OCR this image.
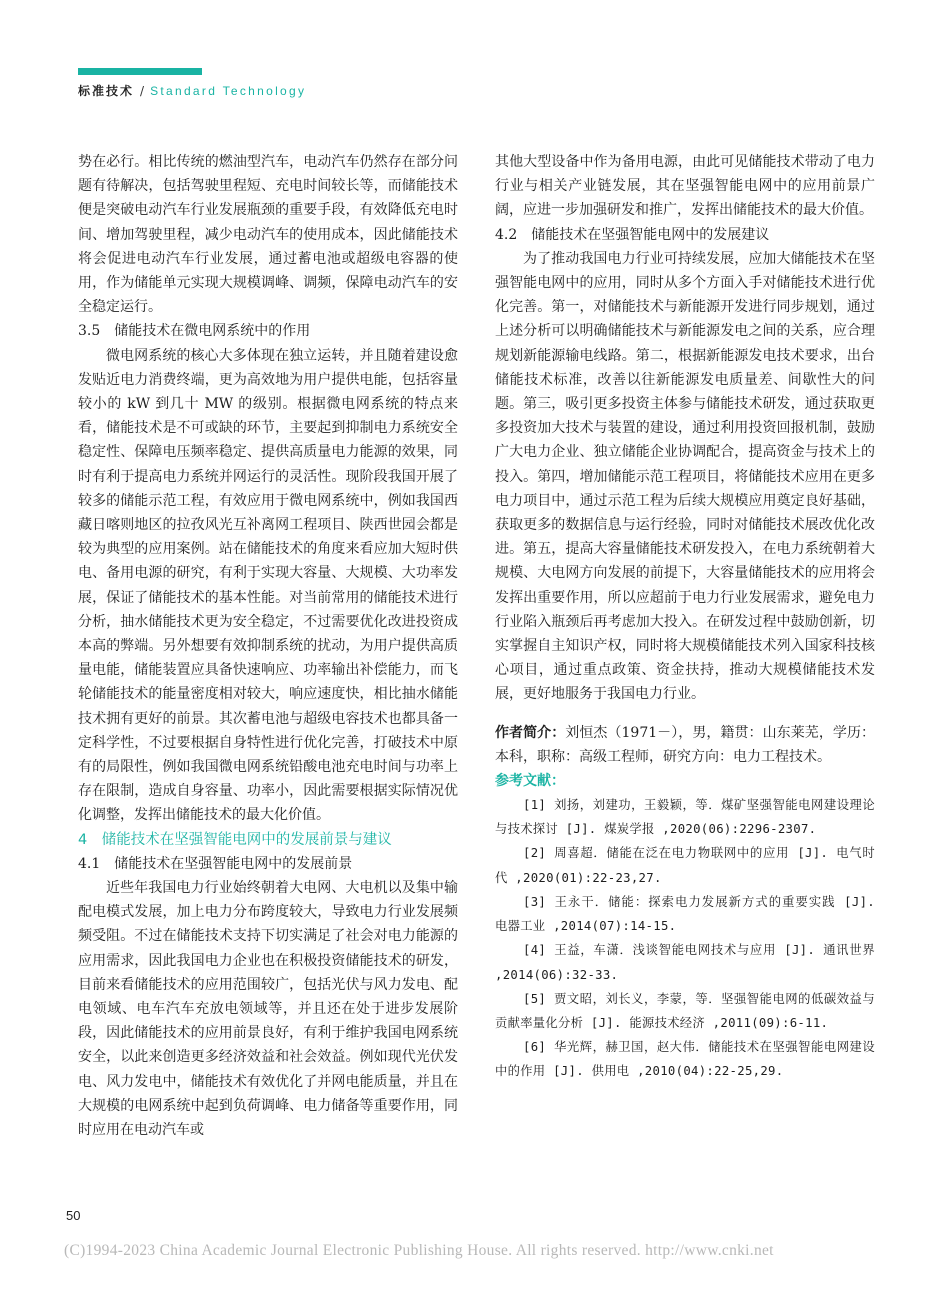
标准技术 / Standard Technology

势在必行。相比传统的燃油型汽车，电动汽车仍然存在部分问题有待解决，包括驾驶里程短、充电时间较长等，而储能技术便是突破电动汽车行业发展瓶颈的重要手段，有效降低充电时间、增加驾驶里程，减少电动汽车的使用成本，因此储能技术将会促进电动汽车行业发展，通过蓄电池或超级电容器的使用，作为储能单元实现大规模调峰、调频，保障电动汽车的安全稳定运行。

3.5　储能技术在微电网系统中的作用

微电网系统的核心大多体现在独立运转，并且随着建设愈发贴近电力消费终端，更为高效地为用户提供电能，包括容量较小的 kW 到几十 MW 的级别。根据微电网系统的特点来看，储能技术是不可或缺的环节，主要起到抑制电力系统安全稳定性、保障电压频率稳定、提供高质量电力能源的效果，同时有利于提高电力系统并网运行的灵活性。现阶段我国开展了较多的储能示范工程，有效应用于微电网系统中，例如我国西藏日喀则地区的拉孜风光互补离网工程项目、陕西世园会都是较为典型的应用案例。站在储能技术的角度来看应加大短时供电、备用电源的研究，有利于实现大容量、大规模、大功率发展，保证了储能技术的基本性能。对当前常用的储能技术进行分析，抽水储能技术更为安全稳定，不过需要优化改进投资成本高的弊端。另外想要有效抑制系统的扰动，为用户提供高质量电能，储能装置应具备快速响应、功率输出补偿能力，而飞轮储能技术的能量密度相对较大，响应速度快，相比抽水储能技术拥有更好的前景。其次蓄电池与超级电容技术也都具备一定科学性，不过要根据自身特性进行优化完善，打破技术中原有的局限性，例如我国微电网系统铅酸电池充电时间与功率上存在限制，造成自身容量、功率小，因此需要根据实际情况优化调整，发挥出储能技术的最大化价值。

4　储能技术在坚强智能电网中的发展前景与建议

4.1　储能技术在坚强智能电网中的发展前景

近些年我国电力行业始终朝着大电网、大电机以及集中输配电模式发展，加上电力分布跨度较大，导致电力行业发展频频受阻。不过在储能技术支持下切实满足了社会对电力能源的应用需求，因此我国电力企业也在积极投资储能技术的研发，目前来看储能技术的应用范围较广，包括光伏与风力发电、配电领域、电车汽车充放电领域等，并且还在处于进步发展阶段，因此储能技术的应用前景良好，有利于维护我国电网系统安全，以此来创造更多经济效益和社会效益。例如现代光伏发电、风力发电中，储能技术有效优化了并网电能质量，并且在大规模的电网系统中起到负荷调峰、电力储备等重要作用，同时应用在电动汽车或

其他大型设备中作为备用电源，由此可见储能技术带动了电力行业与相关产业链发展，其在坚强智能电网中的应用前景广阔，应进一步加强研发和推广，发挥出储能技术的最大价值。

4.2　储能技术在坚强智能电网中的发展建议

为了推动我国电力行业可持续发展，应加大储能技术在坚强智能电网中的应用，同时从多个方面入手对储能技术进行优化完善。第一，对储能技术与新能源开发进行同步规划，通过上述分析可以明确储能技术与新能源发电之间的关系，应合理规划新能源输电线路。第二，根据新能源发电技术要求，出台储能技术标准，改善以往新能源发电质量差、间歇性大的问题。第三，吸引更多投资主体参与储能技术研发，通过获取更多投资加大技术与装置的建设，通过利用投资回报机制，鼓励广大电力企业、独立储能企业协调配合，提高资金与技术上的投入。第四，增加储能示范工程项目，将储能技术应用在更多电力项目中，通过示范工程为后续大规模应用奠定良好基础，获取更多的数据信息与运行经验，同时对储能技术展改优化改进。第五，提高大容量储能技术研发投入，在电力系统朝着大规模、大电网方向发展的前提下，大容量储能技术的应用将会发挥出重要作用，所以应超前于电力行业发展需求，避免电力行业陷入瓶颈后再考虑加大投入。在研发过程中鼓励创新，切实掌握自主知识产权，同时将大规模储能技术列入国家科技核心项目，通过重点政策、资金扶持，推动大规模储能技术发展，更好地服务于我国电力行业。

作者简介：刘恒杰（1971－），男，籍贯：山东莱芜，学历：本科，职称：高级工程师，研究方向：电力工程技术。

参考文献：

[1] 刘扬，刘建功，王毅颖，等．煤矿坚强智能电网建设理论与技术探讨 [J]. 煤炭学报 ,2020(06):2296-2307.

[2] 周喜超．储能在泛在电力物联网中的应用 [J]. 电气时代 ,2020(01):22-23,27.

[3] 王永干．储能：探索电力发展新方式的重要实践 [J]. 电器工业 ,2014(07):14-15.

[4] 王益，车潇．浅谈智能电网技术与应用 [J]. 通讯世界 ,2014(06):32-33.

[5] 贾文昭，刘长义，李蒙，等．坚强智能电网的低碳效益与贡献率量化分析 [J]. 能源技术经济 ,2011(09):6-11.

[6] 华光辉，赫卫国，赵大伟．储能技术在坚强智能电网建设中的作用 [J]. 供用电 ,2010(04):22-25,29.

50
(C)1994-2023 China Academic Journal Electronic Publishing House. All rights reserved. http://www.cnki.net
